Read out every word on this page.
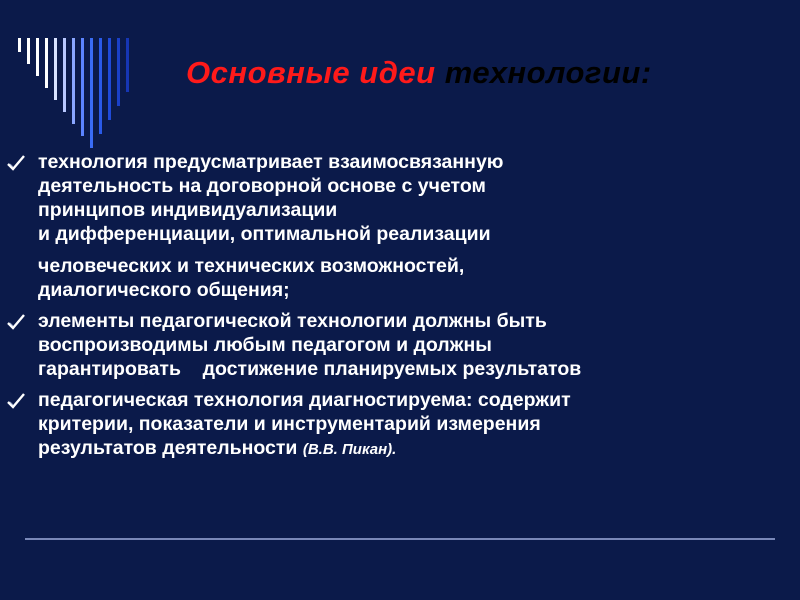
Основные идеи технологии:
технология предусматривает взаимосвязанную
деятельность на договорной основе с учетом
принципов индивидуализации
и дифференциации, оптимальной реализации
человеческих и технических возможностей,
диалогического общения;
элементы педагогической технологии должны быть
воспроизводимы любым педагогом и должны
гарантировать    достижение планируемых результатов
педагогическая технология диагностируема: содержит
критерии, показатели и инструментарий измерения
результатов деятельности (В.В. Пикан).
